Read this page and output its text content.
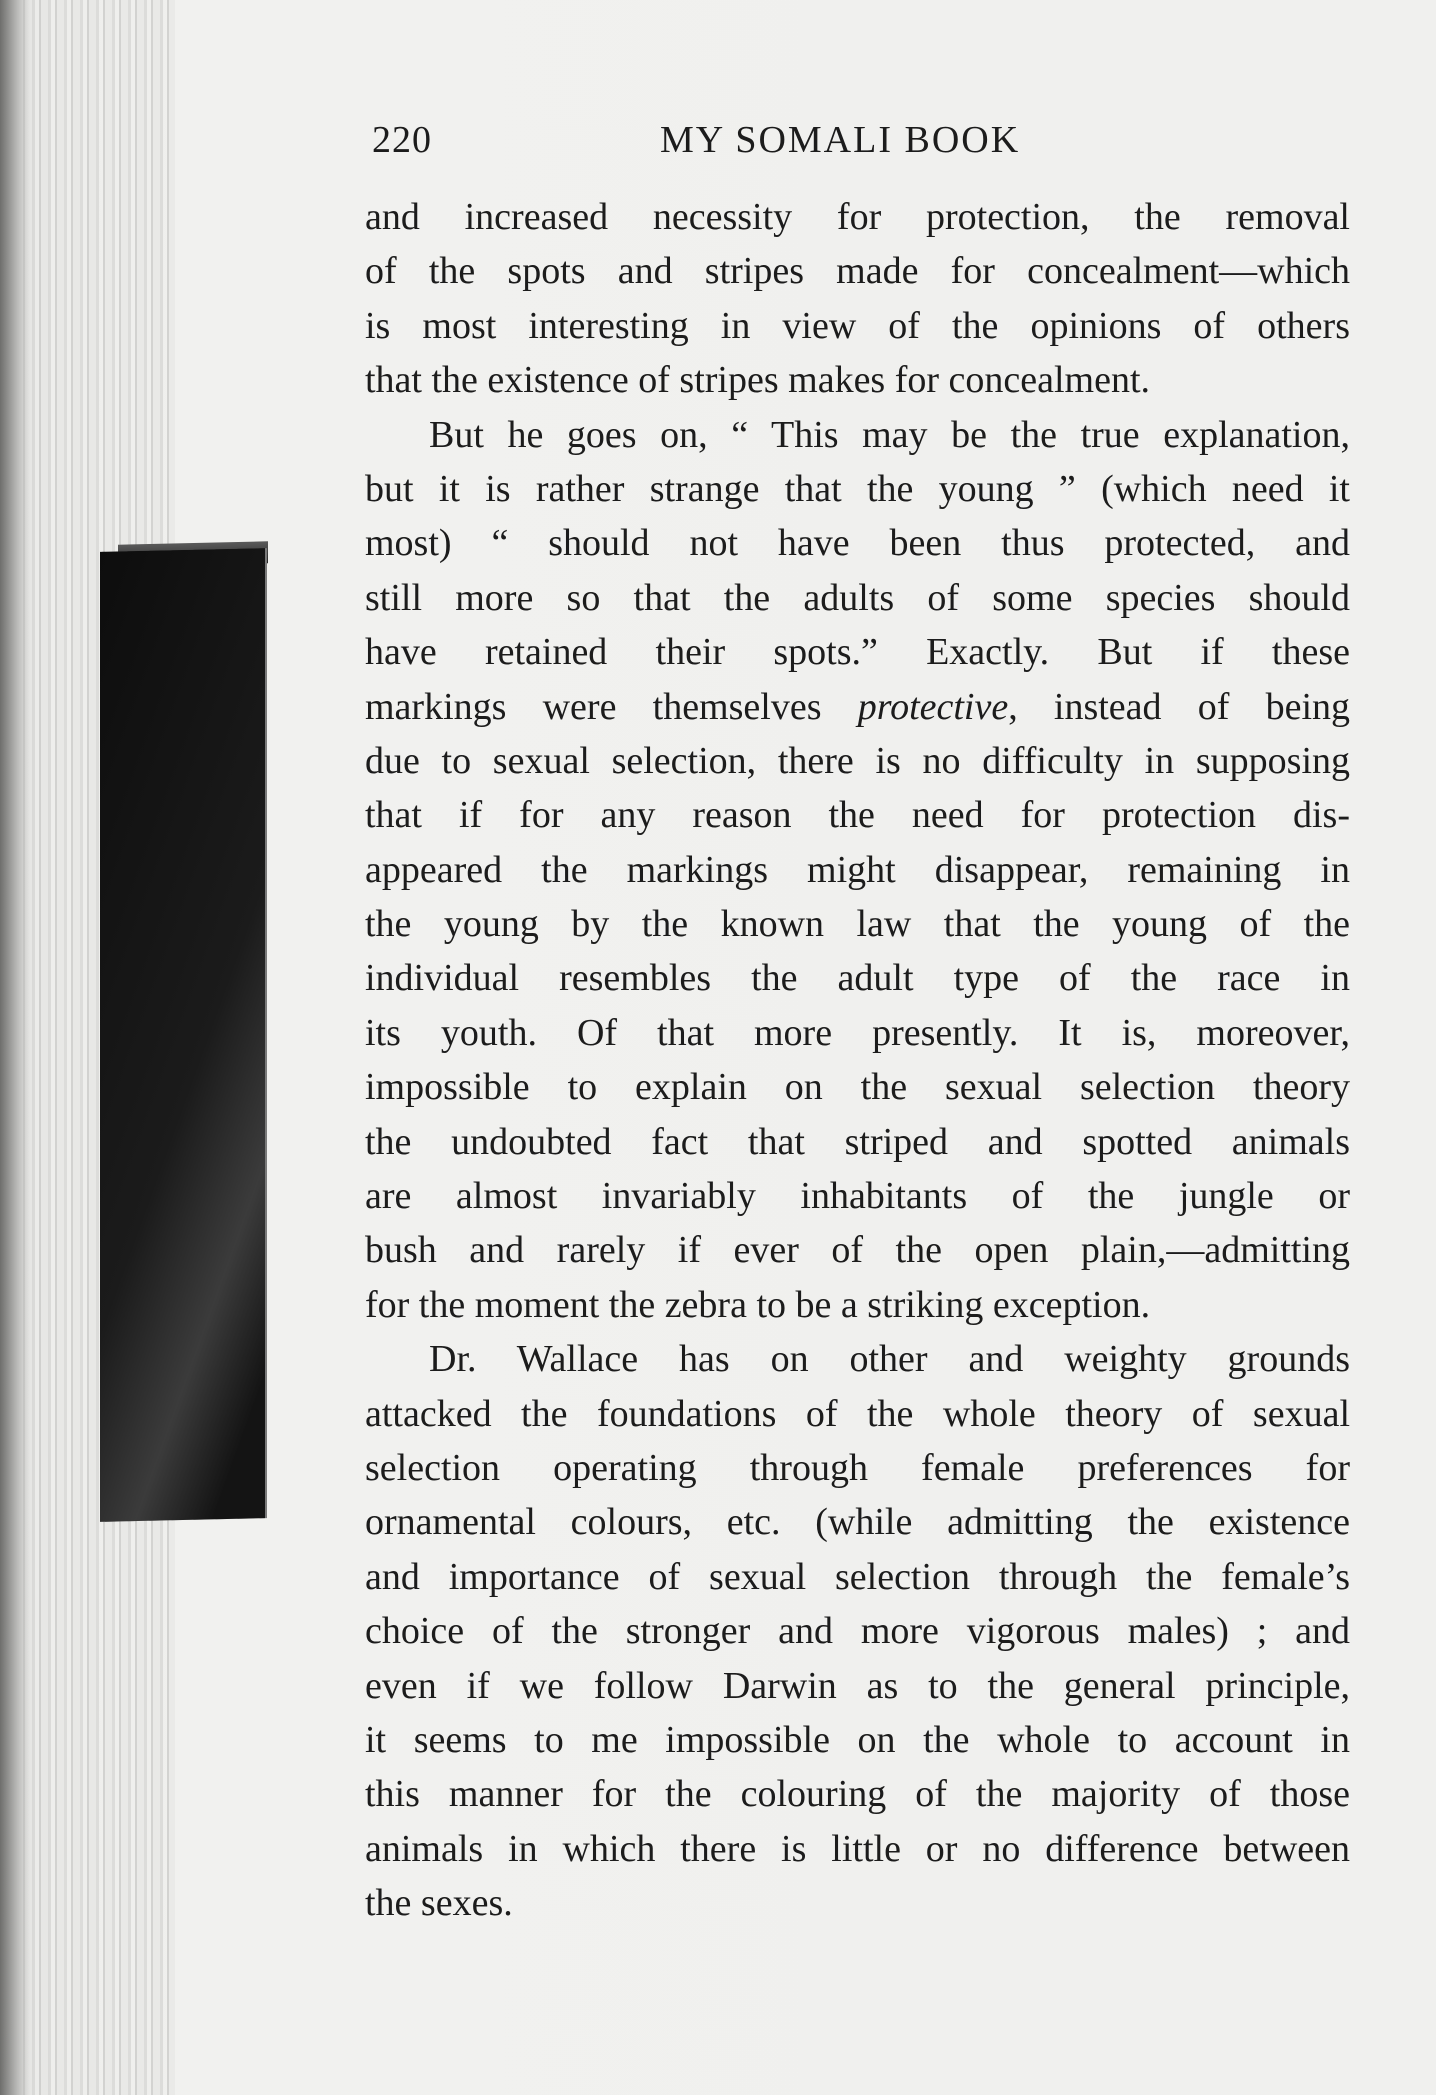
220	MY SOMALI BOOK
and increased necessity for protection, the removal
of the spots and stripes made for concealment—which
is most interesting in view of the opinions of others
that the existence of stripes makes for concealment.
But he goes on, “ This may be the true explanation,
but it is rather strange that the young ” (which need it
most) “ should not have been thus protected, and
still more so that the adults of some species should
have retained their spots.” Exactly. But if these
markings were themselves protective, instead of being
due to sexual selection, there is no difficulty in supposing
that if for any reason the need for protection dis-
appeared the markings might disappear, remaining in
the young by the known law that the young of the
individual resembles the adult type of the race in
its youth. Of that more presently. It is, moreover,
impossible to explain on the sexual selection theory
the undoubted fact that striped and spotted animals
are almost invariably inhabitants of the jungle or
bush and rarely if ever of the open plain,—admitting
for the moment the zebra to be a striking exception.
Dr. Wallace has on other and weighty grounds
attacked the foundations of the whole theory of sexual
selection operating through female preferences for
ornamental colours, etc. (while admitting the existence
and importance of sexual selection through the female’s
choice of the stronger and more vigorous males) ; and
even if we follow Darwin as to the general principle,
it seems to me impossible on the whole to account in
this manner for the colouring of the majority of those
animals in which there is little or no difference between
the sexes.
